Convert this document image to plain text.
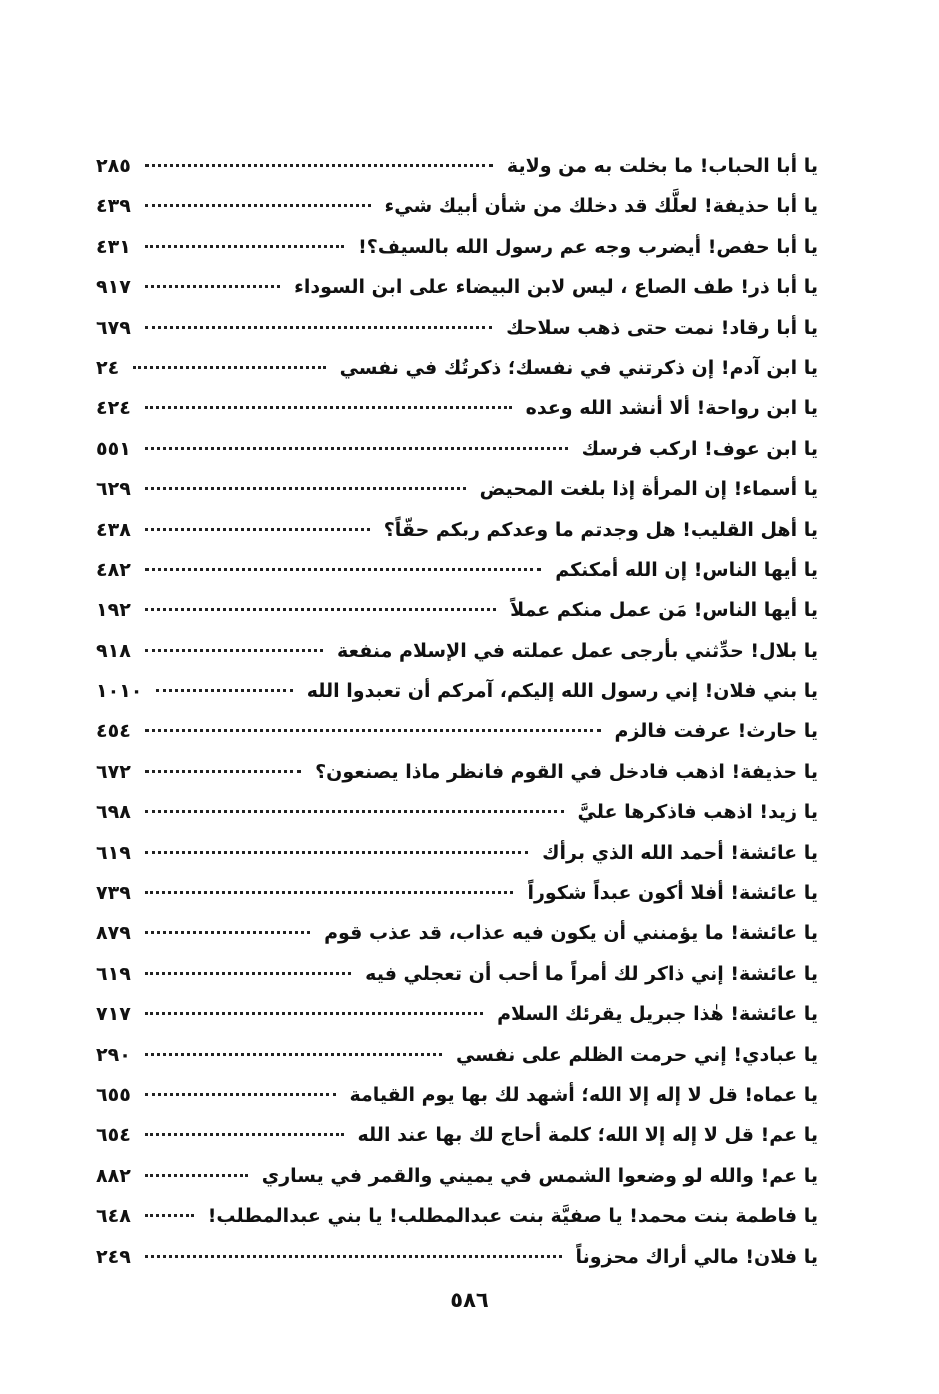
يا أبا الحباب! ما بخلت به من ولاية
٢٨٥
يا أبا حذيفة! لعلَّك قد دخلك من شأن أبيك شيء
٤٣٩
يا أبا حفص! أيضرب وجه عم رسول الله بالسيف؟!
٤٣١
يا أبا ذر! طف الصاع ، ليس لابن البيضاء على ابن السوداء
٩١٧
يا أبا رقاد! نمت حتى ذهب سلاحك
٦٧٩
يا ابن آدم! إن ذكرتني في نفسك؛ ذكرتُك في نفسي
٢٤
يا ابن رواحة! ألا أنشد الله وعده
٤٢٤
يا ابن عوف! اركب فرسك
٥٥١
يا أسماء! إن المرأة إذا بلغت المحيض
٦٢٩
يا أهل القليب! هل وجدتم ما وعدكم ربكم حقّاً؟
٤٣٨
يا أيها الناس! إن الله أمكنكم
٤٨٢
يا أيها الناس! مَن عمل منكم عملاً
١٩٢
يا بلال! حدِّثني بأرجى عمل عملته في الإسلام منفعة
٩١٨
يا بني فلان! إني رسول الله إليكم، آمركم أن تعبدوا الله
١٠١٠
يا حارث! عرفت فالزم
٤٥٤
يا حذيفة! اذهب فادخل في القوم فانظر ماذا يصنعون؟
٦٧٢
يا زيد! اذهب فاذكرها عليَّ
٦٩٨
يا عائشة! أحمد الله الذي برأك
٦١٩
يا عائشة! أفلا أكون عبداً شكوراً
٧٣٩
يا عائشة! ما يؤمنني أن يكون فيه عذاب، قد عذب قوم
٨٧٩
يا عائشة! إني ذاكر لك أمراً ما أحب أن تعجلي فيه
٦١٩
يا عائشة! هٰذا جبريل يقرئك السلام
٧١٧
يا عبادي! إني حرمت الظلم على نفسي
٢٩٠
يا عماه! قل لا إله إلا الله؛ أشهد لك بها يوم القيامة
٦٥٥
يا عم! قل لا إله إلا الله؛ كلمة أحاج لك بها عند الله
٦٥٤
يا عم! والله لو وضعوا الشمس في يميني والقمر في يساري
٨٨٢
يا فاطمة بنت محمد! يا صفيَّة بنت عبدالمطلب! يا بني عبدالمطلب!
٦٤٨
يا فلان! مالي أراك محزوناً
٢٤٩
٥٨٦
